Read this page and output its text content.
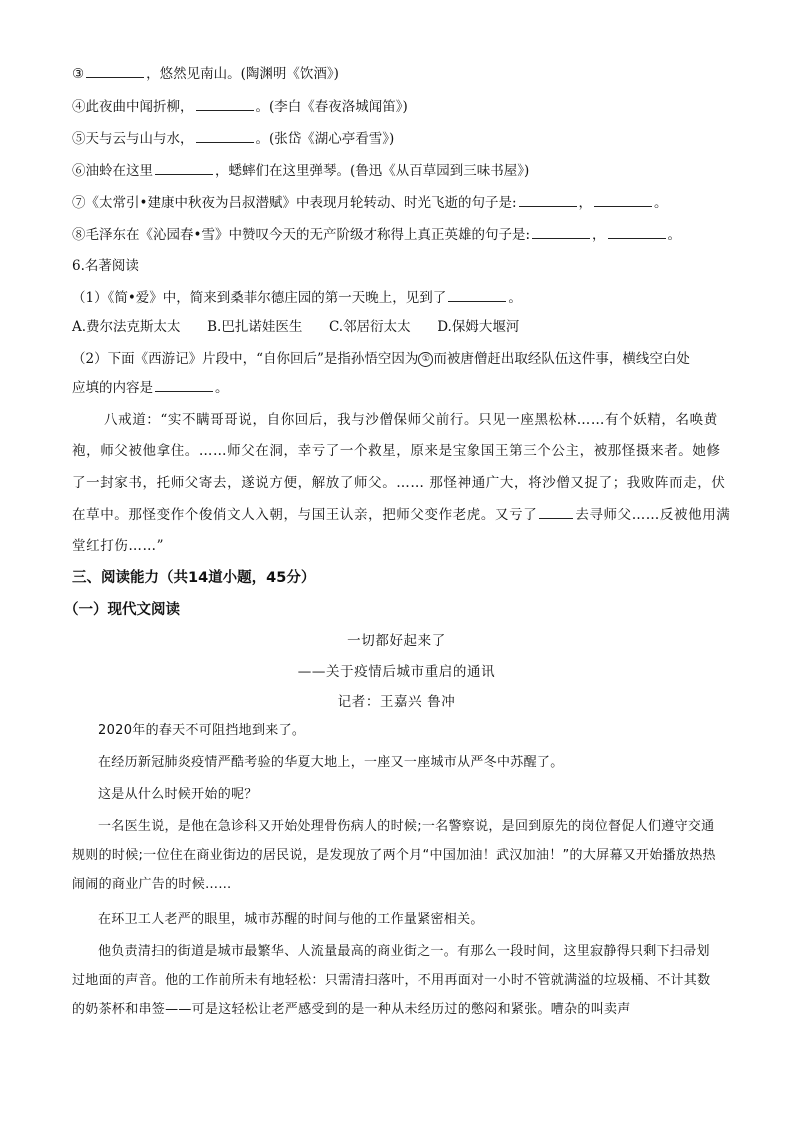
③	，悠然见南山。(陶渊明《饮酒》)
④此夜曲中闻折柳，	。(李白《春夜洛城闻笛》)
⑤天与云与山与水，	。(张岱《湖心亭看雪》)
⑥油蛉在这里	，蟋蟀们在这里弹琴。(鲁迅《从百草园到三味书屋》)
⑦《太常引•建康中秋夜为吕叔潜赋》中表现月轮转动、时光飞逝的句子是:	，	。
⑧毛泽东在《沁园春•雪》中赞叹今天的无产阶级才称得上真正英雄的句子是:	，	。
6.名著阅读
（1）《简•爱》中，简来到桑菲尔德庄园的第一天晚上，见到了	。
A.费尔法克斯太太 B.巴扎诺娃医生 C.邻居衍太太 D.保姆大堰河
（2）下面《西游记》片段中，“自你回后”是指孙悟空因为 ① 而被唐僧赶出取经队伍这件事，横线空白处
应填的内容是	。
八戒道：“实不瞒哥哥说，自你回后，我与沙僧保师父前行。只见一座黑松林……有个妖精，名唤黄
袍，师父被他拿住。……师父在洞，幸亏了一个救星，原来是宝象国王第三个公主，被那怪摄来者。她修
了一封家书，托师父寄去，遂说方便，解放了师父。…… 那怪神通广大，将沙僧又捉了；我败阵而走，伏
在草中。那怪变作个俊俏文人入朝，与国王认亲，把师父变作老虎。又亏了	去寻师父……反被他用满
堂红打伤……”
三、阅读能力（共14道小题，45分）
（一）现代文阅读
一切都好起来了
——关于疫情后城市重启的通讯
记者：王嘉兴 鲁冲
2020年的春天不可阻挡地到来了。
在经历新冠肺炎疫情严酷考验的华夏大地上，一座又一座城市从严冬中苏醒了。
这是从什么时候开始的呢？
一名医生说，是他在急诊科又开始处理骨伤病人的时候;一名警察说，是回到原先的岗位督促人们遵守交通规则的时候;一位住在商业街边的居民说，是发现放了两个月“中国加油！武汉加油！”的大屏幕又开始播放热热闹闹的商业广告的时候……
在环卫工人老严的眼里，城市苏醒的时间与他的工作量紧密相关。
他负责清扫的街道是城市最繁华、人流量最高的商业街之一。有那么一段时间，这里寂静得只剩下扫帚划过地面的声音。他的工作前所未有地轻松：只需清扫落叶，不用再面对一小时不管就满溢的垃圾桶、不计其数的奶茶杯和串签——可是这轻松让老严感受到的是一种从未经历过的憋闷和紧张。嘈杂的叫卖声
